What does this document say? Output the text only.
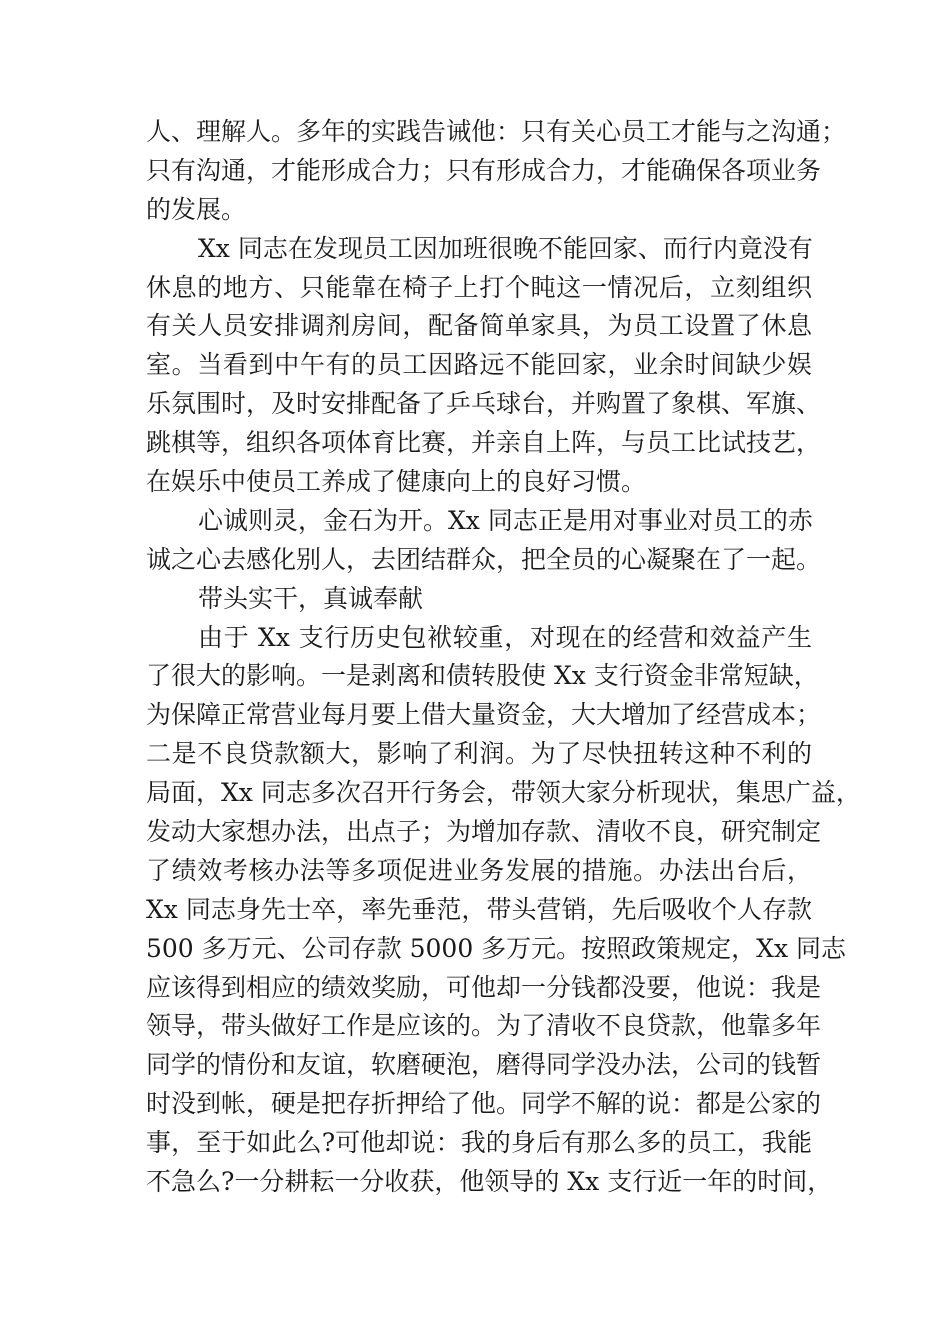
人、理解人。多年的实践告诫他：只有关心员工才能与之沟通；
只有沟通，才能形成合力；只有形成合力，才能确保各项业务
的发展。
Xx 同志在发现员工因加班很晚不能回家、而行内竟没有
休息的地方、只能靠在椅子上打个盹这一情况后，立刻组织
有关人员安排调剂房间，配备简单家具，为员工设置了休息
室。当看到中午有的员工因路远不能回家，业余时间缺少娱
乐氛围时，及时安排配备了乒乓球台，并购置了象棋、军旗、
跳棋等，组织各项体育比赛，并亲自上阵，与员工比试技艺，
在娱乐中使员工养成了健康向上的良好习惯。
心诚则灵，金石为开。Xx 同志正是用对事业对员工的赤
诚之心去感化别人，去团结群众，把全员的心凝聚在了一起。
带头实干，真诚奉献
由于 Xx 支行历史包袱较重，对现在的经营和效益产生
了很大的影响。一是剥离和债转股使 Xx 支行资金非常短缺，
为保障正常营业每月要上借大量资金，大大增加了经营成本；
二是不良贷款额大，影响了利润。为了尽快扭转这种不利的
局面，Xx 同志多次召开行务会，带领大家分析现状，集思广益，
发动大家想办法，出点子；为增加存款、清收不良，研究制定
了绩效考核办法等多项促进业务发展的措施。办法出台后，
Xx 同志身先士卒，率先垂范，带头营销，先后吸收个人存款
500 多万元、公司存款 5000 多万元。按照政策规定，Xx 同志
应该得到相应的绩效奖励，可他却一分钱都没要，他说：我是
领导，带头做好工作是应该的。为了清收不良贷款，他靠多年
同学的情份和友谊，软磨硬泡，磨得同学没办法，公司的钱暂
时没到帐，硬是把存折押给了他。同学不解的说：都是公家的
事，至于如此么?可他却说：我的身后有那么多的员工，我能
不急么?一分耕耘一分收获，他领导的 Xx 支行近一年的时间，
